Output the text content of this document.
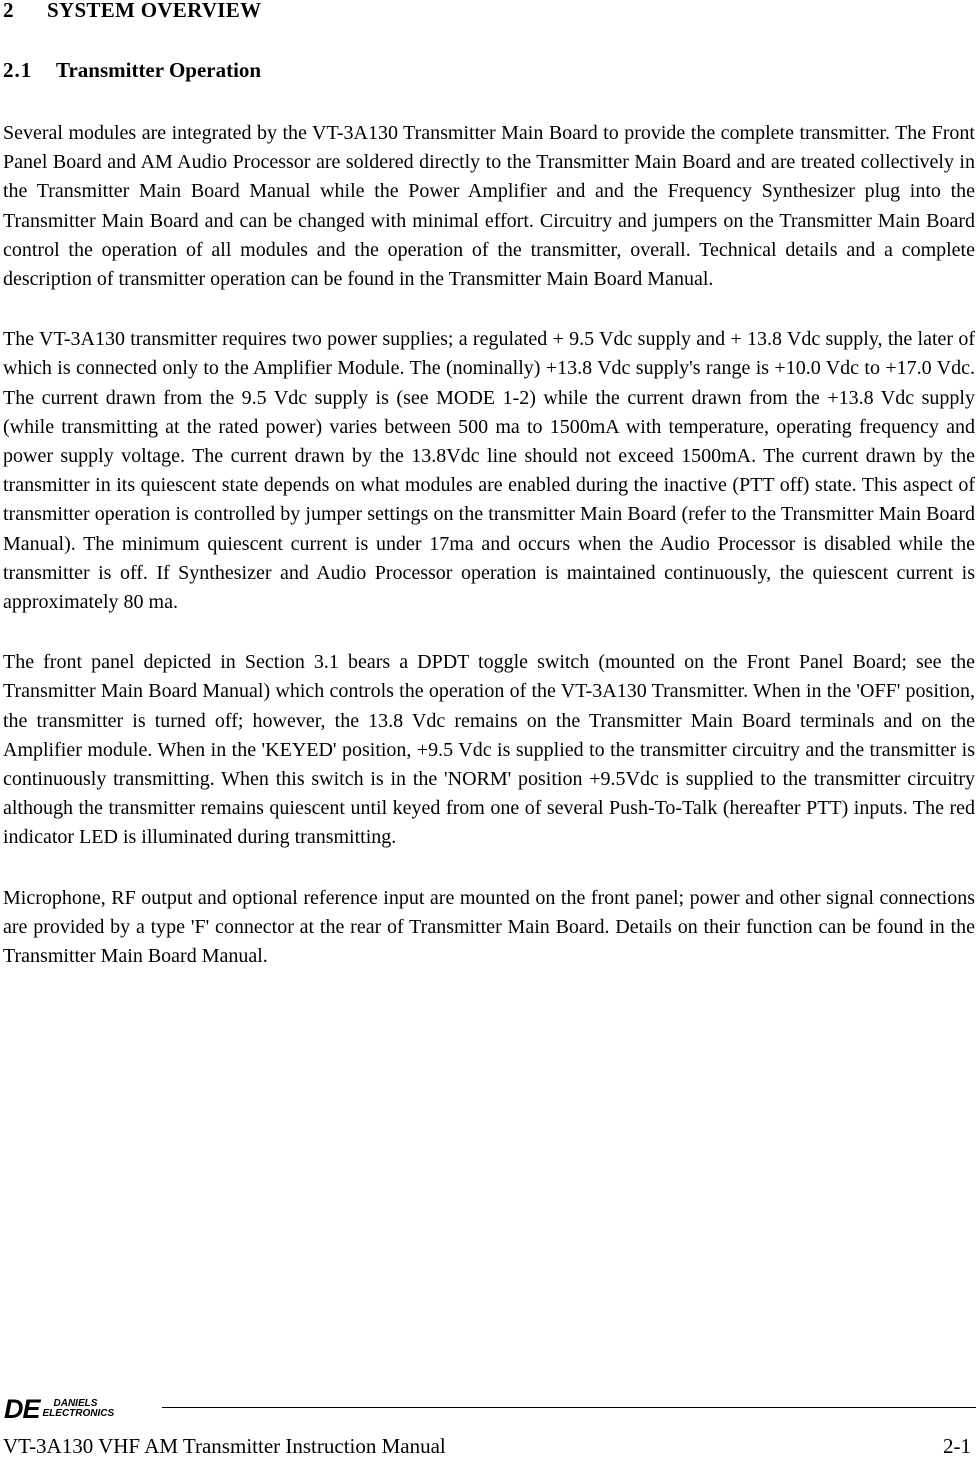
2 SYSTEM OVERVIEW
2.1 Transmitter Operation

Several modules are integrated by the VT-3A130 Transmitter Main Board to provide the complete transmitter. The Front Panel Board and AM Audio Processor are soldered directly to the Transmitter Main Board and are treated collectively in the Transmitter Main Board Manual while the Power Amplifier and and the Frequency Synthesizer plug into the Transmitter Main Board and can be changed with minimal effort. Circuitry and jumpers on the Transmitter Main Board control the operation of all modules and the operation of the transmitter, overall. Technical details and a complete description of transmitter operation can be found in the Transmitter Main Board Manual.

The VT-3A130 transmitter requires two power supplies; a regulated + 9.5 Vdc supply and + 13.8 Vdc supply, the later of which is connected only to the Amplifier Module. The (nominally) +13.8 Vdc supply's range is +10.0 Vdc to +17.0 Vdc. The current drawn from the 9.5 Vdc supply is (see MODE 1-2) while the current drawn from the +13.8 Vdc supply (while transmitting at the rated power) varies between 500 ma to 1500mA with temperature, operating frequency and power supply voltage. The current drawn by the 13.8Vdc line should not exceed 1500mA. The current drawn by the transmitter in its quiescent state depends on what modules are enabled during the inactive (PTT off) state. This aspect of transmitter operation is controlled by jumper settings on the transmitter Main Board (refer to the Transmitter Main Board Manual). The minimum quiescent current is under 17ma and occurs when the Audio Processor is disabled while the transmitter is off. If Synthesizer and Audio Processor operation is maintained continuously, the quiescent current is approximately 80 ma.

The front panel depicted in Section 3.1 bears a DPDT toggle switch (mounted on the Front Panel Board; see the Transmitter Main Board Manual) which controls the operation of the VT-3A130 Transmitter. When in the 'OFF' position, the transmitter is turned off; however, the 13.8 Vdc remains on the Transmitter Main Board terminals and on the Amplifier module. When in the 'KEYED' position, +9.5 Vdc is supplied to the transmitter circuitry and the transmitter is continuously transmitting. When this switch is in the 'NORM' position +9.5Vdc is supplied to the transmitter circuitry although the transmitter remains quiescent until keyed from one of several Push-To-Talk (hereafter PTT) inputs. The red indicator LED is illuminated during transmitting.

Microphone, RF output and optional reference input are mounted on the front panel; power and other signal connections are provided by a type 'F' connector at the rear of Transmitter Main Board. Details on their function can be found in the Transmitter Main Board Manual.

DE	DANIELS
ELECTRONICS
VT-3A130 VHF AM Transmitter Instruction Manual	2-1
